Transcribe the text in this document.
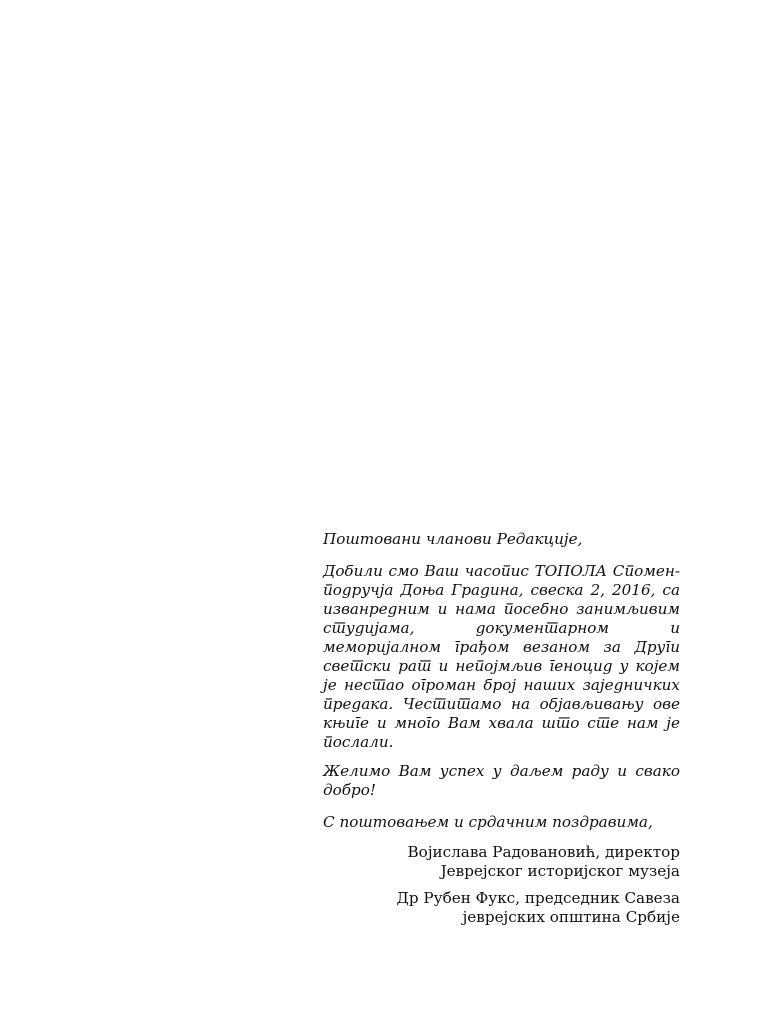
Поштовани чланови Редакције,

Добили смо Ваш часопис ТОПОЛА Спомен-подручја Доња Градина, свеска 2, 2016, са изванредним и нама посебно занимљивим студијама, документарном и меморијалном грађом везаном за Други светски рат и непојмљив геноцид у којем је нестао огроман број наших заједничких предака. Честитамо на објављивању ове књиге и много Вам хвала што сте нам је послали.

Желимо Вам успех у даљем раду и свако добро!

С поштовањем и срдачним поздравима,

Војислава Радовановић, директор
Јеврејског историјског музеја

Др Рубен Фукс, председник Савеза
јеврејских општина Србије
